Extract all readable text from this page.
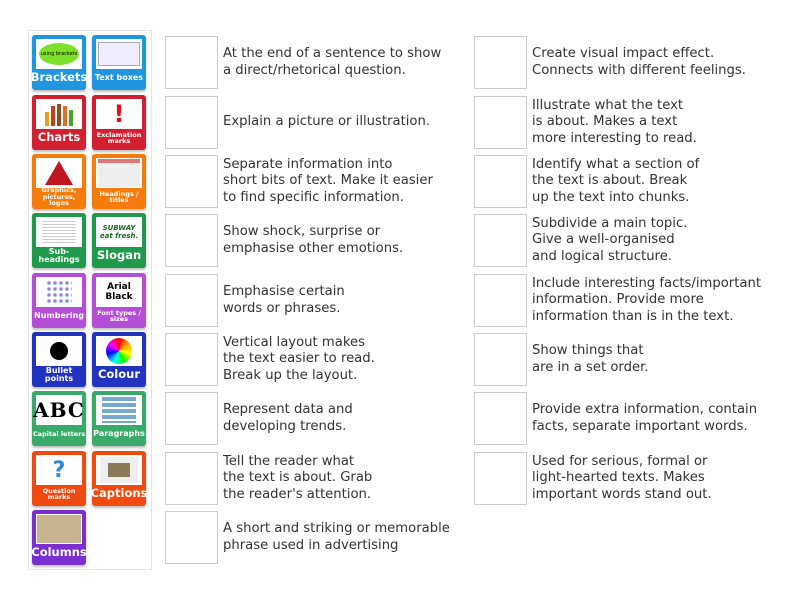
At the end of a sentence to show
a direct/rhetorical question.
Explain a picture or illustration.
Separate information into
short bits of text. Make it easier
to find specific information.
Show shock, surprise or
emphasise other emotions.
Emphasise certain
words or phrases.
Vertical layout makes
the text easier to read.
Break up the layout.
Represent data and
developing trends.
Tell the reader what
the text is about. Grab
the reader's attention.
A short and striking or memorable
phrase used in advertising
Create visual impact effect.
Connects with different feelings.
Illustrate what the text
is about. Makes a text
more interesting to read.
Identify what a section of
the text is about. Break
up the text into chunks.
Subdivide a main topic.
Give a well-organised
and logical structure.
Include interesting facts/important
information. Provide more
information than is in the text.
Show things that
are in a set order.
Provide extra information, contain
facts, separate important words.
Used for serious, formal or
light-hearted texts. Makes
important words stand out.
using brackets
Brackets Text boxes
Charts
!
Exclamation marks
Graphics, pictures, logos
Headings / titles
Sub-headings
SUBWAY eat fresh.
Slogan
Numbering
Arial Black
Font types / sizes
Bullet points	Colour
ABC
Capital letters Paragraphs
?
Question marks	Captions
Columns
